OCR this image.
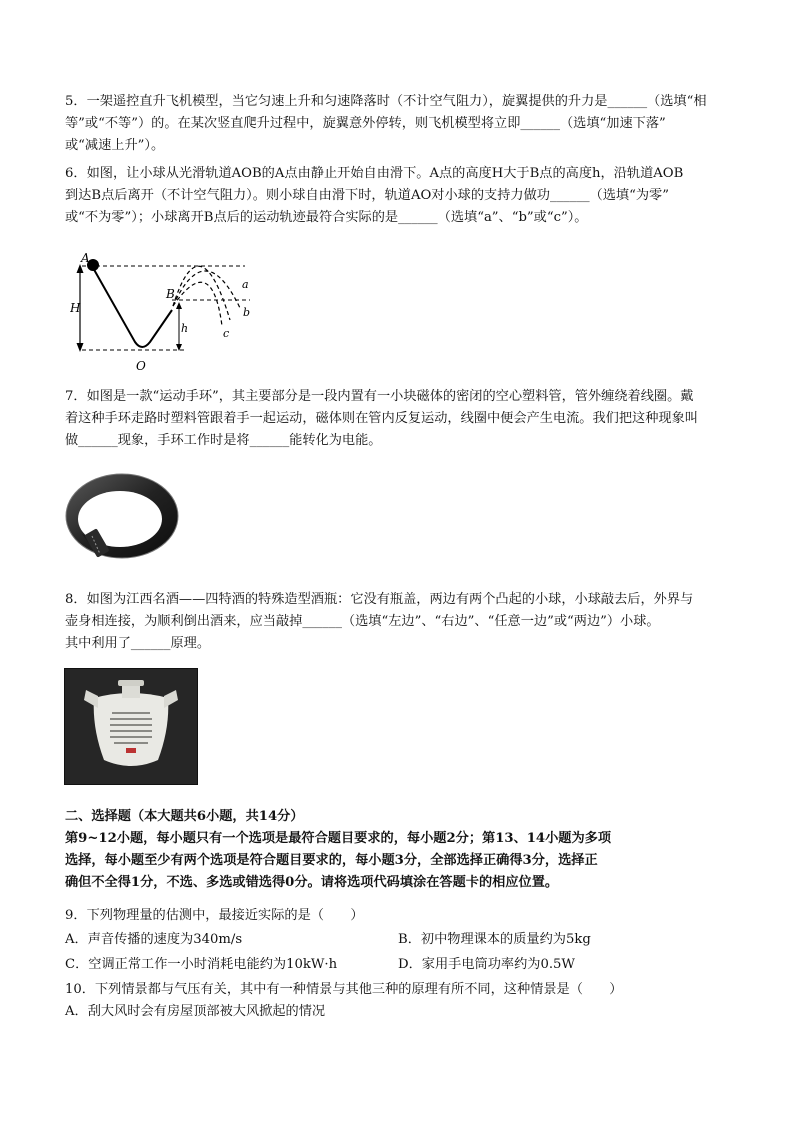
5．一架遥控直升飞机模型，当它匀速上升和匀速降落时（不计空气阻力），旋翼提供的升力是______（选填“相

等”或“不等”）的。在某次竖直爬升过程中，旋翼意外停转，则飞机模型将立即______（选填“加速下落”

或“减速上升”）。

6．如图，让小球从光滑轨道AOB的A点由静止开始自由滑下。A点的高度H大于B点的高度h，沿轨道AOB

到达B点后离开（不计空气阻力）。则小球自由滑下时，轨道AO对小球的支持力做功______（选填“为零”

或“不为零”）；小球离开B点后的运动轨迹最符合实际的是______（选填“a”、“b”或“c”）。

A
H
B
h
O
a
b
c

7．如图是一款“运动手环”，其主要部分是一段内置有一小块磁体的密闭的空心塑料管，管外缠绕着线圈。戴

着这种手环走路时塑料管跟着手一起运动，磁体则在管内反复运动，线圈中便会产生电流。我们把这种现象叫

做______现象，手环工作时是将______能转化为电能。

8．如图为江西名酒——四特酒的特殊造型酒瓶：它没有瓶盖，两边有两个凸起的小球，小球敲去后，外界与

壶身相连接，为顺利倒出酒来，应当敲掉______（选填“左边”、“右边”、“任意一边”或“两边”）小球。

其中利用了______原理。

二、选择题（本大题共6小题，共14分）

第9~12小题，每小题只有一个选项是最符合题目要求的，每小题2分；第13、14小题为多项

选择，每小题至少有两个选项是符合题目要求的，每小题3分，全部选择正确得3分，选择正

确但不全得1分，不选、多选或错选得0分。请将选项代码填涂在答题卡的相应位置。

9．下列物理量的估测中，最接近实际的是（　　）

A．声音传播的速度为340m/s	B．初中物理课本的质量约为5kg
C．空调正常工作一小时消耗电能约为10kW·h	D．家用手电筒功率约为0.5W

10．下列情景都与气压有关，其中有一种情景与其他三种的原理有所不同，这种情景是（　　）

A．刮大风时会有房屋顶部被大风掀起的情况
